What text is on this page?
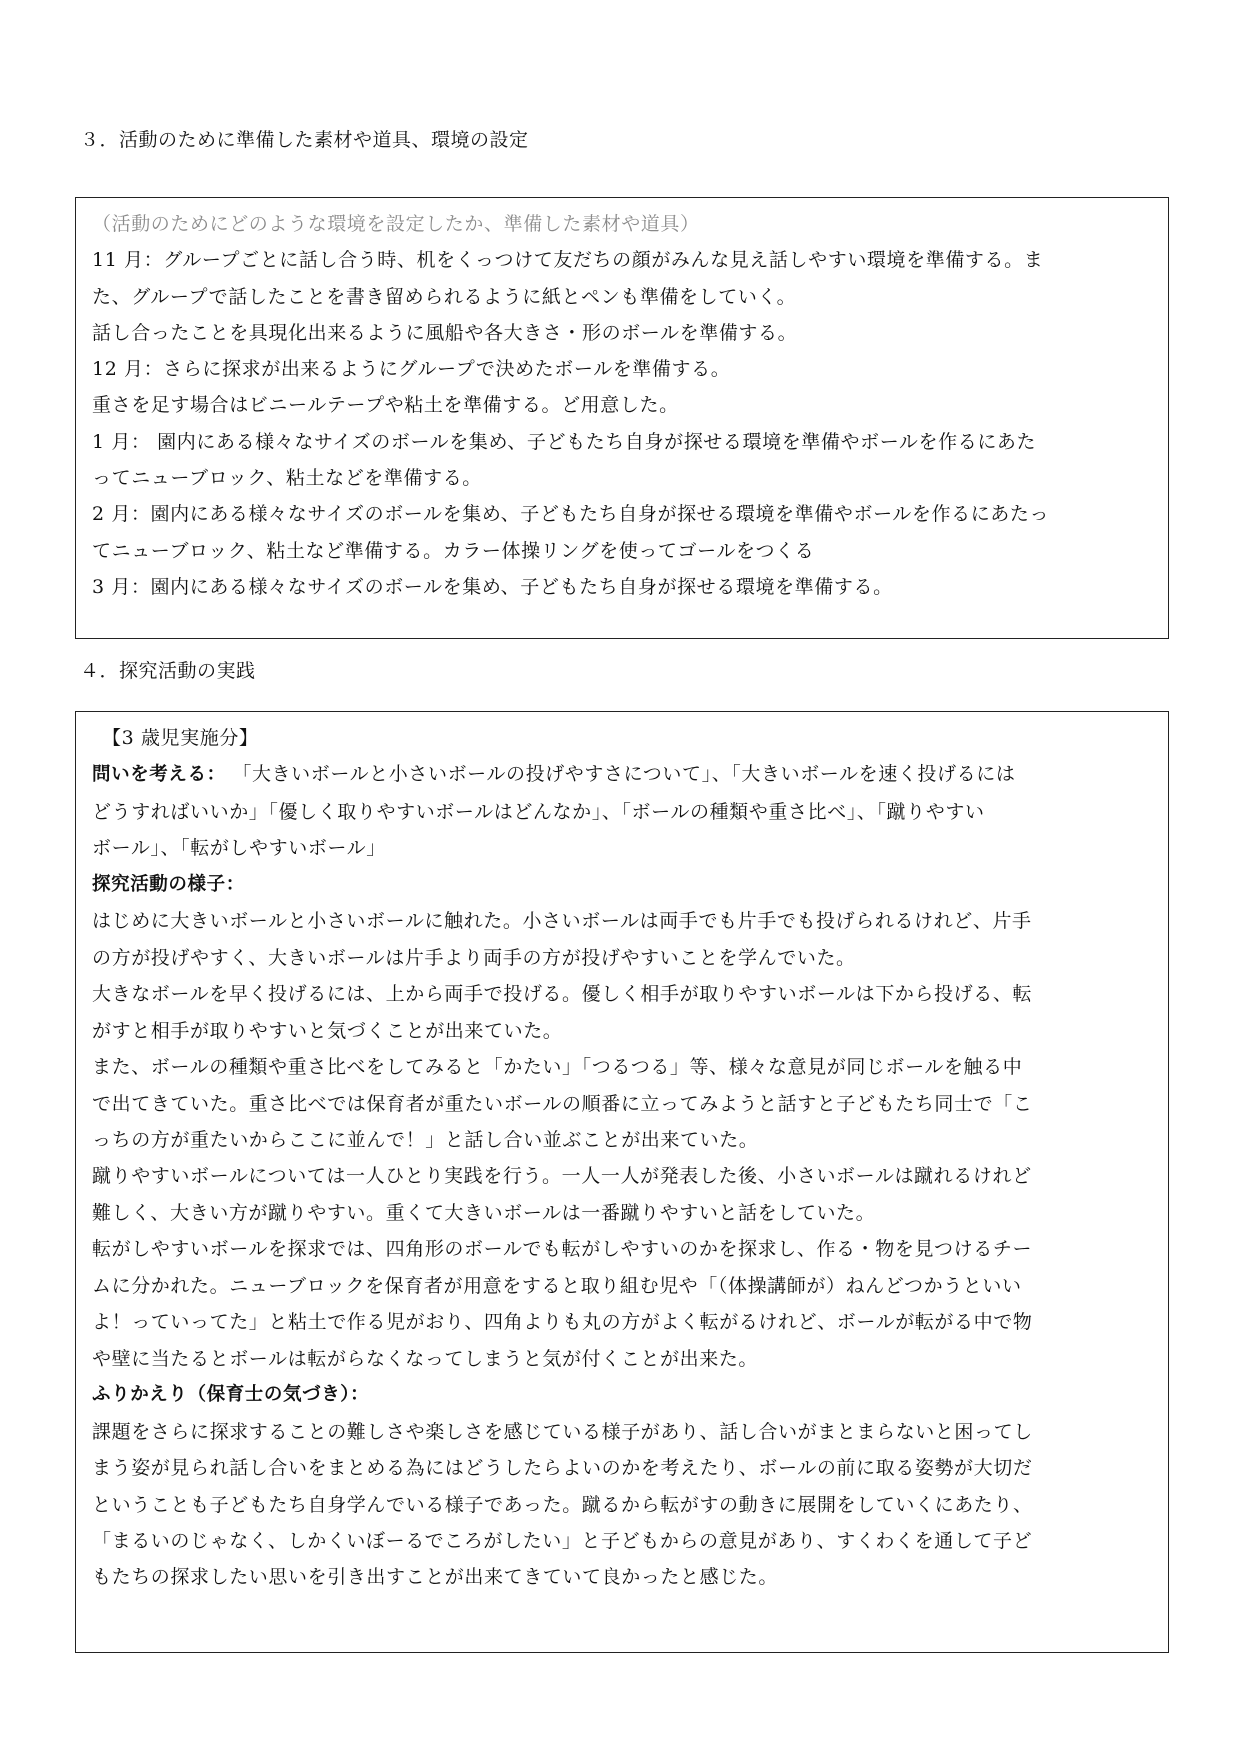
３．活動のために準備した素材や道具、環境の設定

（活動のためにどのような環境を設定したか、準備した素材や道具）

11 月：グループごとに話し合う時、机をくっつけて友だちの顔がみんな見え話しやすい環境を準備する。ま

た、グループで話したことを書き留められるように紙とペンも準備をしていく。

話し合ったことを具現化出来るように風船や各大きさ・形のボールを準備する。

12 月：さらに探求が出来るようにグループで決めたボールを準備する。

重さを足す場合はビニールテープや粘土を準備する。ど用意した。

1 月： 園内にある様々なサイズのボールを集め、子どもたち自身が探せる環境を準備やボールを作るにあた

ってニューブロック、粘土などを準備する。

2 月：園内にある様々なサイズのボールを集め、子どもたち自身が探せる環境を準備やボールを作るにあたっ

てニューブロック、粘土など準備する。カラー体操リングを使ってゴールをつくる

3 月：園内にある様々なサイズのボールを集め、子どもたち自身が探せる環境を準備する。

４．探究活動の実践

【3 歳児実施分】

問いを考える： 「大きいボールと小さいボールの投げやすさについて」、「大きいボールを速く投げるには

どうすればいいか」「優しく取りやすいボールはどんなか」、「ボールの種類や重さ比べ」、「蹴りやすい

ボール」、「転がしやすいボール」

探究活動の様子：

はじめに大きいボールと小さいボールに触れた。小さいボールは両手でも片手でも投げられるけれど、片手

の方が投げやすく、大きいボールは片手より両手の方が投げやすいことを学んでいた。

大きなボールを早く投げるには、上から両手で投げる。優しく相手が取りやすいボールは下から投げる、転

がすと相手が取りやすいと気づくことが出来ていた。

また、ボールの種類や重さ比べをしてみると「かたい」「つるつる」等、様々な意見が同じボールを触る中

で出てきていた。重さ比べでは保育者が重たいボールの順番に立ってみようと話すと子どもたち同士で「こ

っちの方が重たいからここに並んで！」と話し合い並ぶことが出来ていた。

蹴りやすいボールについては一人ひとり実践を行う。一人一人が発表した後、小さいボールは蹴れるけれど

難しく、大きい方が蹴りやすい。重くて大きいボールは一番蹴りやすいと話をしていた。

転がしやすいボールを探求では、四角形のボールでも転がしやすいのかを探求し、作る・物を見つけるチー

ムに分かれた。ニューブロックを保育者が用意をすると取り組む児や「（体操講師が）ねんどつかうといい

よ！っていってた」と粘土で作る児がおり、四角よりも丸の方がよく転がるけれど、ボールが転がる中で物

や壁に当たるとボールは転がらなくなってしまうと気が付くことが出来た。

ふりかえり（保育士の気づき）：

課題をさらに探求することの難しさや楽しさを感じている様子があり、話し合いがまとまらないと困ってし

まう姿が見られ話し合いをまとめる為にはどうしたらよいのかを考えたり、ボールの前に取る姿勢が大切だ

ということも子どもたち自身学んでいる様子であった。蹴るから転がすの動きに展開をしていくにあたり、

「まるいのじゃなく、しかくいぼーるでころがしたい」と子どもからの意見があり、すくわくを通して子ど

もたちの探求したい思いを引き出すことが出来てきていて良かったと感じた。
